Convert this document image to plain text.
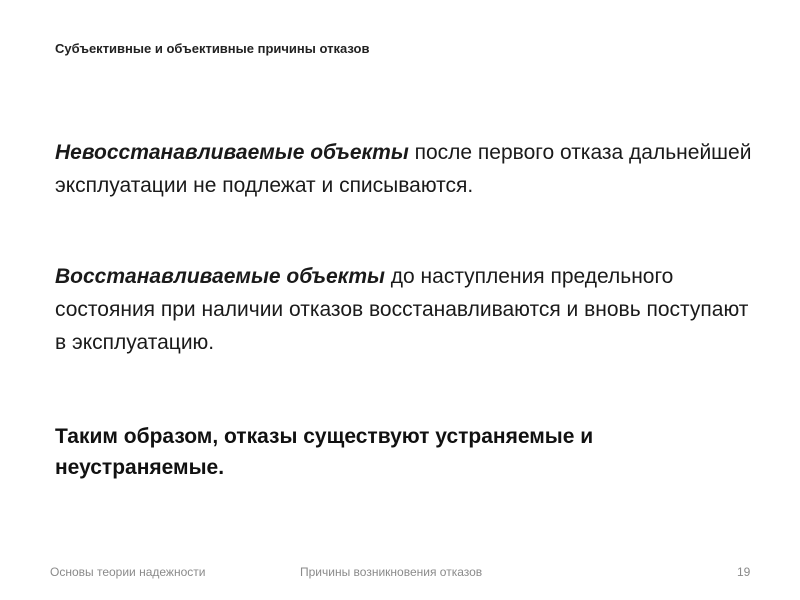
Субъективные и объективные причины отказов
Невосстанавливаемые объекты после первого отказа дальнейшей эксплуатации не подлежат и списываются.
Восстанавливаемые объекты до наступления предельного состояния при наличии отказов восстанавливаются и вновь поступают в эксплуатацию.
Таким образом, отказы существуют устраняемые и неустраняемые.
Основы теории надежности	Причины возникновения отказов	19
